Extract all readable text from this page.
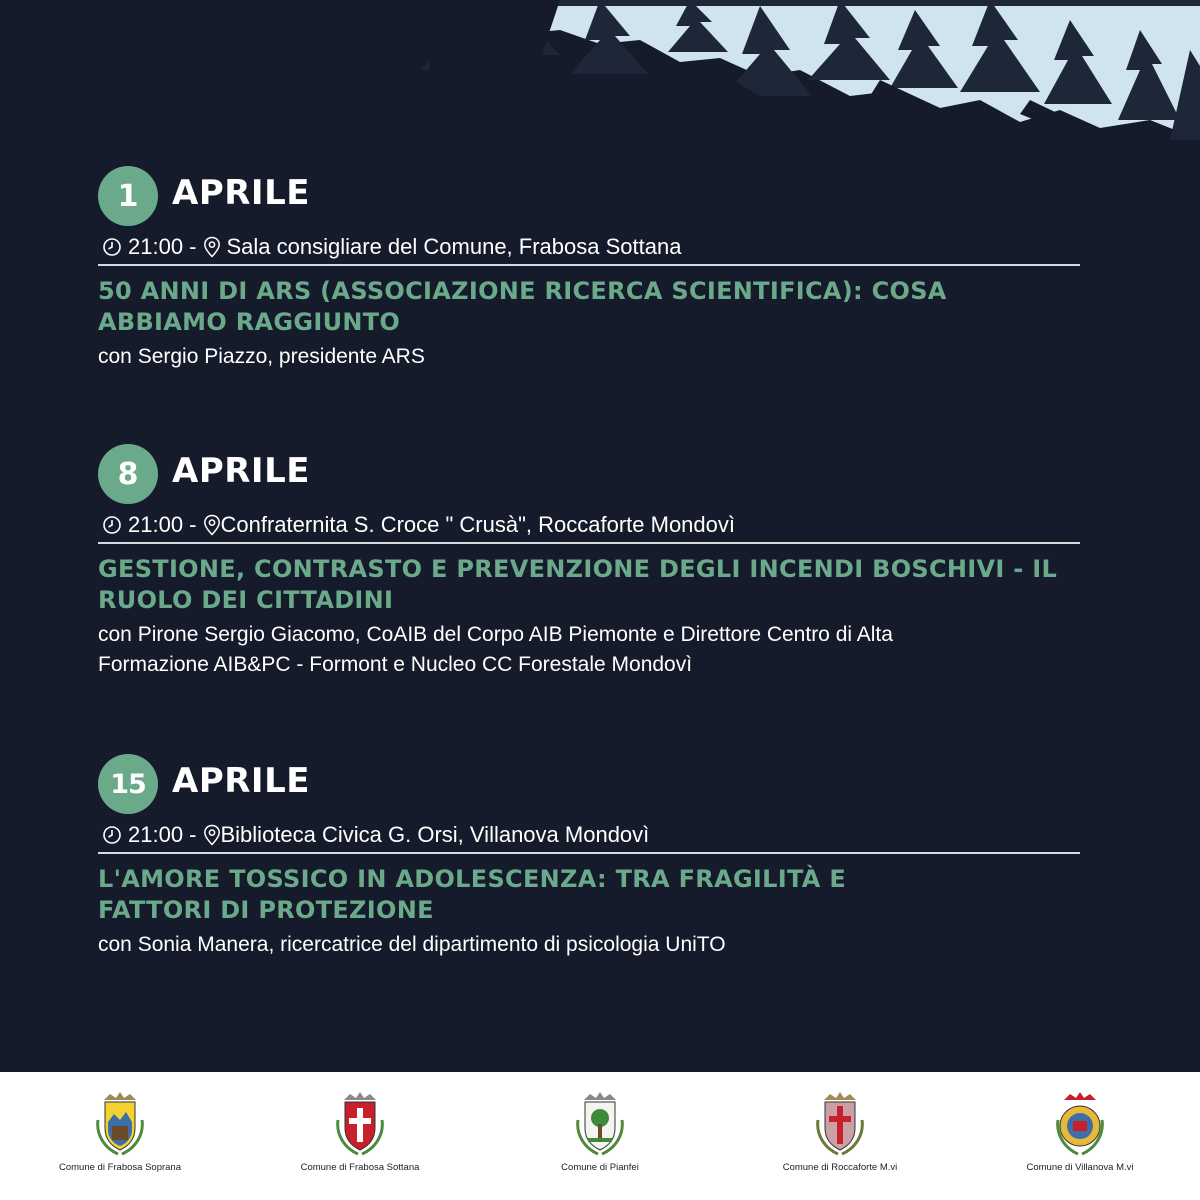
1 APRILE
21:00 - Sala consigliare del Comune, Frabosa Sottana
50 ANNI DI ARS (ASSOCIAZIONE RICERCA SCIENTIFICA): COSA
ABBIAMO RAGGIUNTO
con Sergio Piazzo, presidente ARS
8 APRILE
21:00 - Confraternita S. Croce " Crusà", Roccaforte Mondovì
GESTIONE, CONTRASTO E PREVENZIONE DEGLI INCENDI BOSCHIVI - IL
RUOLO DEI CITTADINI
con Pirone Sergio Giacomo, CoAIB del Corpo AIB Piemonte e Direttore Centro di Alta
Formazione AIB&PC - Formont e Nucleo CC Forestale Mondovì
15 APRILE
21:00 - Biblioteca Civica G. Orsi, Villanova Mondovì
L'AMORE TOSSICO IN ADOLESCENZA: TRA FRAGILITÀ E
FATTORI DI PROTEZIONE
con Sonia Manera, ricercatrice del dipartimento di psicologia UniTO
Comune di Frabosa Soprana	Comune di Frabosa Sottana	Comune di Pianfei	Comune di Roccaforte M.vi	Comune di Villanova M.vi
